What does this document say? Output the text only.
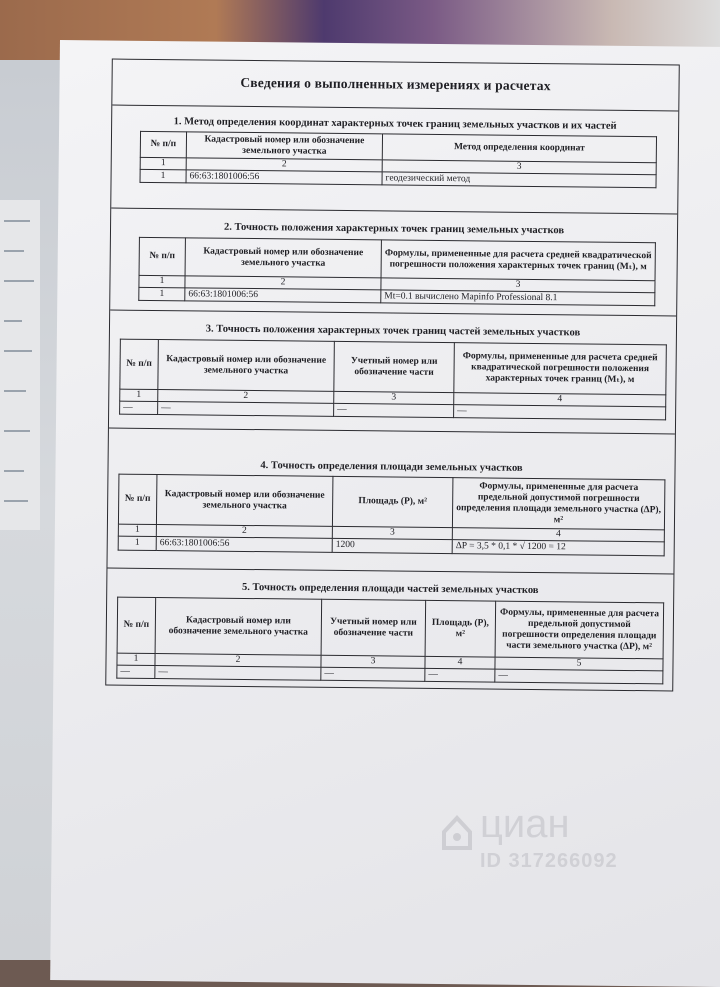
Сведения о выполненных измерениях и расчетах
1. Метод определения координат характерных точек границ земельных участков и их частей
№ п/п	Кадастровый номер или обозначение земельного участка	Метод определения координат
1	2	3
1	66:63:1801006:56	геодезический метод
2. Точность положения характерных точек границ земельных участков
№ п/п	Кадастровый номер или обозначение земельного участка	Формулы, примененные для расчета средней квадратической погрешности положения характерных точек границ (Mₜ), м
1	2	3
1	66:63:1801006:56	Mt=0.1 вычислено Mapinfo Professional 8.1
3. Точность положения характерных точек границ частей земельных участков
№ п/п	Кадастровый номер или обозначение земельного участка	Учетный номер или обозначение части	Формулы, примененные для расчета средней квадратической погрешности положения характерных точек границ (Mₜ), м
1	2	3	4
—	—	—	—
4. Точность определения площади земельных участков
№ п/п	Кадастровый номер или обозначение земельного участка	Площадь (P), м²	Формулы, примененные для расчета предельной допустимой погрешности определения площади земельного участка (ΔP), м²
1	2	3	4
1	66:63:1801006:56	1200	ΔP = 3,5 * 0,1 * √ 1200 = 12
5. Точность определения площади частей земельных участков
№ п/п	Кадастровый номер или обозначение земельного участка	Учетный номер или обозначение части	Площадь (P), м²	Формулы, примененные для расчета предельной допустимой погрешности определения площади части земельного участка (ΔP), м²
1	2	3	4	5
—	—	—	—	—
циан
ID 317266092
